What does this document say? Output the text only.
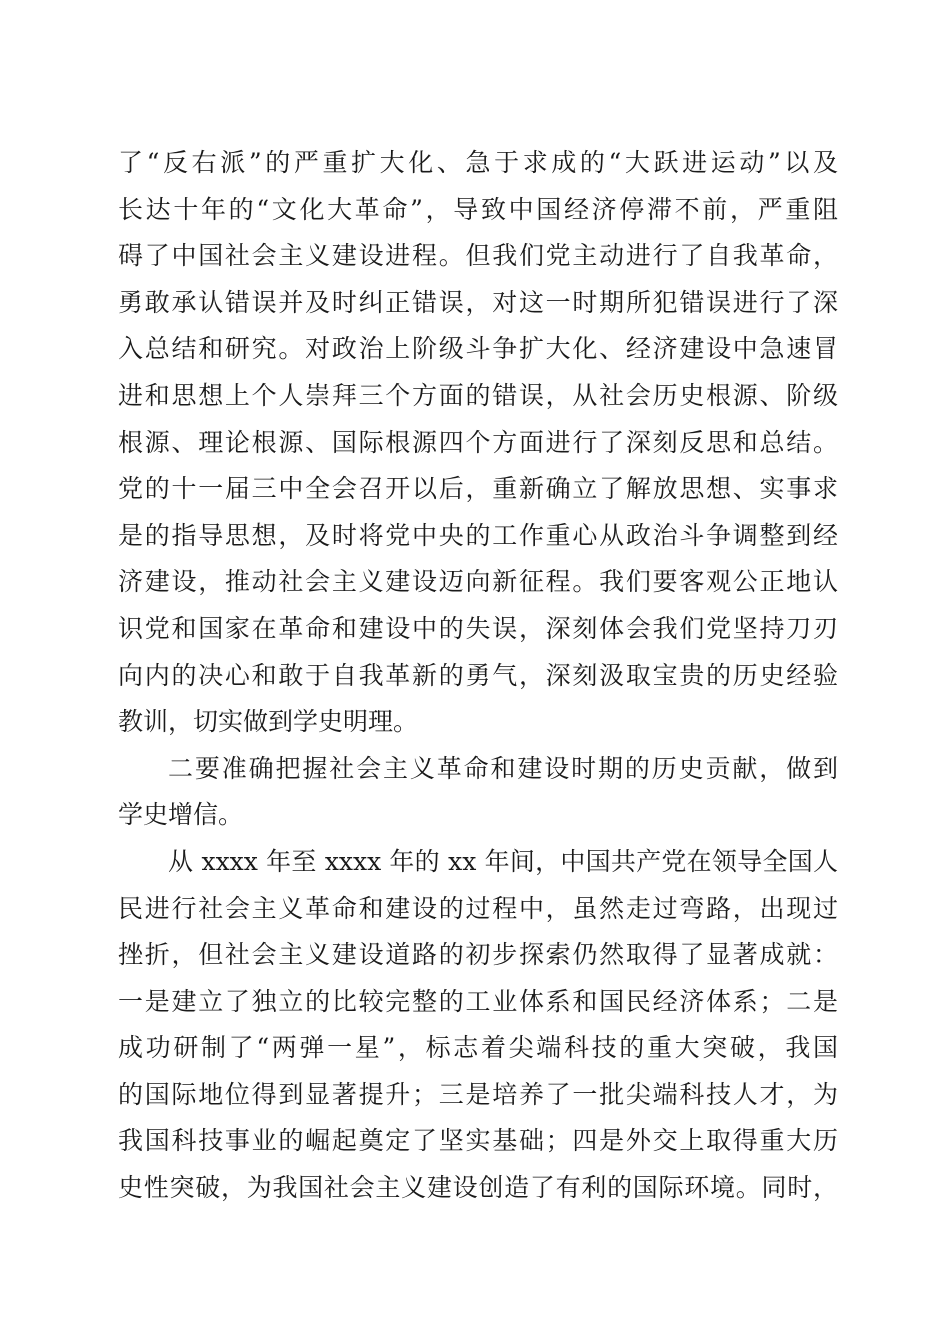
了“反右派”的严重扩大化、急于求成的“大跃进运动”以及
长达十年的“文化大革命”，导致中国经济停滞不前，严重阻
碍了中国社会主义建设进程。但我们党主动进行了自我革命，
勇敢承认错误并及时纠正错误，对这一时期所犯错误进行了深
入总结和研究。对政治上阶级斗争扩大化、经济建设中急速冒
进和思想上个人崇拜三个方面的错误，从社会历史根源、阶级
根源、理论根源、国际根源四个方面进行了深刻反思和总结。
党的十一届三中全会召开以后，重新确立了解放思想、实事求
是的指导思想，及时将党中央的工作重心从政治斗争调整到经
济建设，推动社会主义建设迈向新征程。我们要客观公正地认
识党和国家在革命和建设中的失误，深刻体会我们党坚持刀刃
向内的决心和敢于自我革新的勇气，深刻汲取宝贵的历史经验
教训，切实做到学史明理。
二要准确把握社会主义革命和建设时期的历史贡献，做到
学史增信。
从 xxxx 年至 xxxx 年的 xx 年间，中国共产党在领导全国人
民进行社会主义革命和建设的过程中，虽然走过弯路，出现过
挫折，但社会主义建设道路的初步探索仍然取得了显著成就：
一是建立了独立的比较完整的工业体系和国民经济体系；二是
成功研制了“两弹一星”，标志着尖端科技的重大突破，我国
的国际地位得到显著提升；三是培养了一批尖端科技人才，为
我国科技事业的崛起奠定了坚实基础；四是外交上取得重大历
史性突破，为我国社会主义建设创造了有利的国际环境。同时，
